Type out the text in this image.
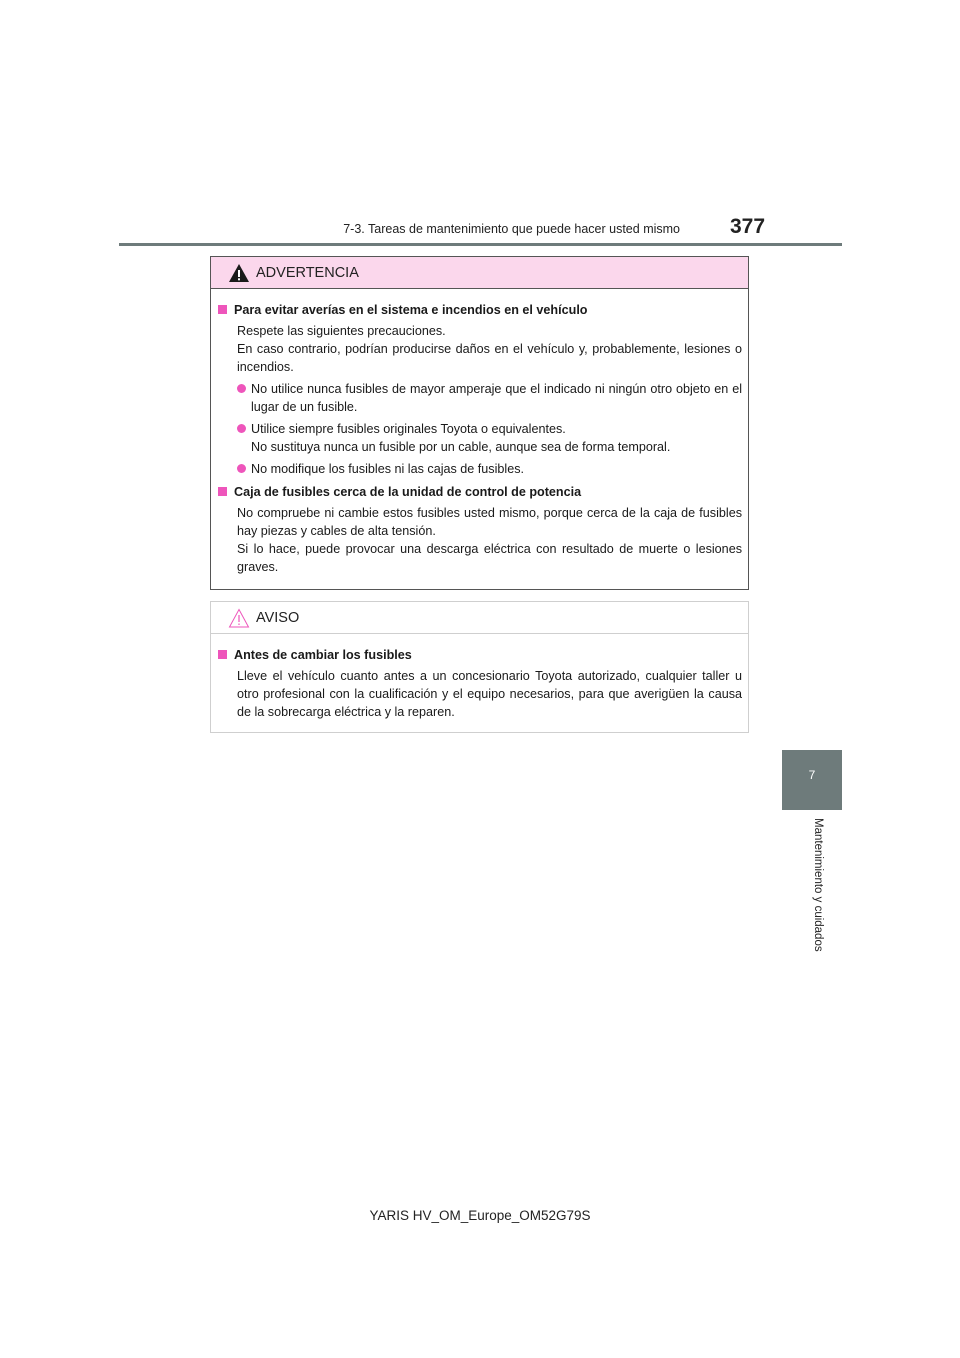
7-3. Tareas de mantenimiento que puede hacer usted mismo 377
7
Mantenimiento y cuidados
ADVERTENCIA
Para evitar averías en el sistema e incendios en el vehículo
Respete las siguientes precauciones.
En caso contrario, podrían producirse daños en el vehículo y, probablemente, lesiones o incendios.
No utilice nunca fusibles de mayor amperaje que el indicado ni ningún otro objeto en el lugar de un fusible.
Utilice siempre fusibles originales Toyota o equivalentes.
No sustituya nunca un fusible por un cable, aunque sea de forma temporal.
No modifique los fusibles ni las cajas de fusibles.
Caja de fusibles cerca de la unidad de control de potencia
No compruebe ni cambie estos fusibles usted mismo, porque cerca de la caja de fusibles hay piezas y cables de alta tensión.
Si lo hace, puede provocar una descarga eléctrica con resultado de muerte o lesiones graves.
AVISO
Antes de cambiar los fusibles
Lleve el vehículo cuanto antes a un concesionario Toyota autorizado, cualquier taller u otro profesional con la cualificación y el equipo necesarios, para que averigüen la causa de la sobrecarga eléctrica y la reparen.
YARIS HV_OM_Europe_OM52G79S
